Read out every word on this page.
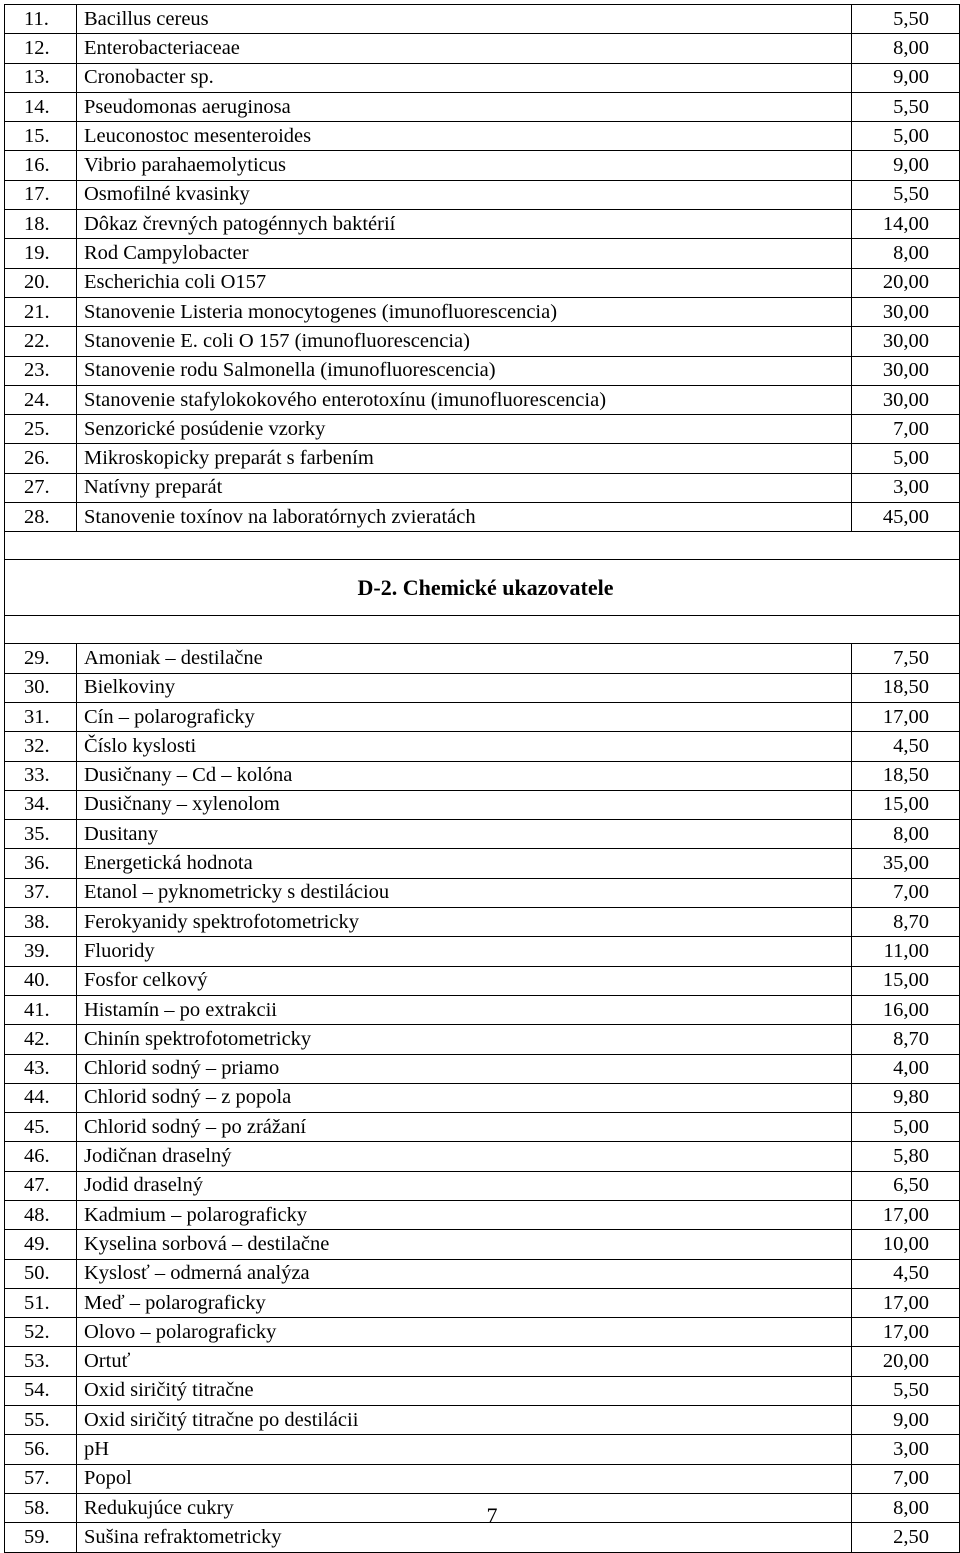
11.	Bacillus cereus	5,50
12.	Enterobacteriaceae	8,00
13.	Cronobacter sp.	9,00
14.	Pseudomonas aeruginosa	5,50
15.	Leuconostoc mesenteroides	5,00
16.	Vibrio parahaemolyticus	9,00
17.	Osmofilné kvasinky	5,50
18.	Dôkaz črevných patogénnych baktérií	14,00
19.	Rod Campylobacter	8,00
20.	Escherichia coli O157	20,00
21.	Stanovenie Listeria monocytogenes (imunofluorescencia)	30,00
22.	Stanovenie E. coli O 157 (imunofluorescencia)	30,00
23.	Stanovenie rodu Salmonella (imunofluorescencia)	30,00
24.	Stanovenie stafylokokového enterotoxínu (imunofluorescencia)	30,00
25.	Senzorické posúdenie vzorky	7,00
26.	Mikroskopicky preparát s farbením	5,00
27.	Natívny preparát	3,00
28.	Stanovenie toxínov na laboratórnych zvieratách	45,00

D-2. Chemické ukazovatele		

29.	Amoniak – destilačne	7,50
30.	Bielkoviny	18,50
31.	Cín – polarograficky	17,00
32.	Číslo kyslosti	4,50
33.	Dusičnany – Cd – kolóna	18,50
34.	Dusičnany – xylenolom	15,00
35.	Dusitany	8,00
36.	Energetická hodnota	35,00
37.	Etanol – pyknometricky s destiláciou	7,00
38.	Ferokyanidy spektrofotometricky	8,70
39.	Fluoridy	11,00
40.	Fosfor celkový	15,00
41.	Histamín – po extrakcii	16,00
42.	Chinín spektrofotometricky	8,70
43.	Chlorid sodný – priamo	4,00
44.	Chlorid sodný – z popola	9,80
45.	Chlorid sodný – po zrážaní	5,00
46.	Jodičnan draselný	5,80
47.	Jodid draselný	6,50
48.	Kadmium – polarograficky	17,00
49.	Kyselina sorbová – destilačne	10,00
50.	Kyslosť – odmerná analýza	4,50
51.	Meď – polarograficky	17,00
52.	Olovo – polarograficky	17,00
53.	Ortuť	20,00
54.	Oxid siričitý titračne	5,50
55.	Oxid siričitý titračne po destilácii	9,00
56.	pH	3,00
57.	Popol	7,00
58.	Redukujúce cukry	8,00
59.	Sušina refraktometricky	2,50
7
